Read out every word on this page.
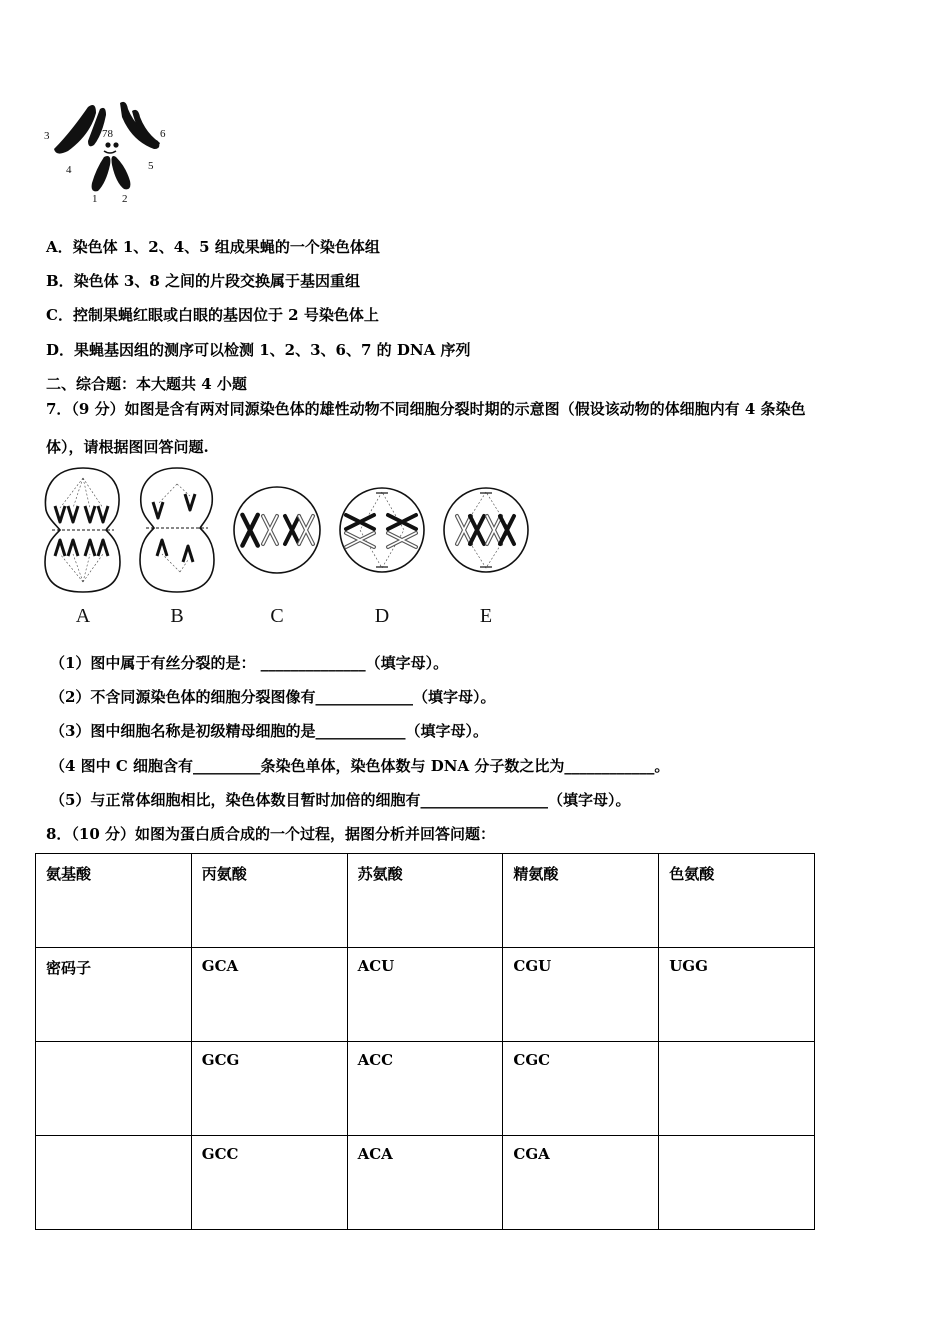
3	78	6
4	5
1 2
A．染色体 1、2、4、5 组成果蝇的一个染色体组
B．染色体 3、8 之间的片段交换属于基因重组
C．控制果蝇红眼或白眼的基因位于 2 号染色体上
D．果蝇基因组的测序可以检测 1、2、3、6、7 的 DNA 序列
二、综合题：本大题共 4 小题
7．（9 分）如图是含有两对同源染色体的雄性动物不同细胞分裂时期的示意图（假设该动物的体细胞内有 4 条染色
体），请根据图回答问题.
A	B	C	D	E
（1）图中属于有丝分裂的是： ______________（填字母）。
（2）不含同源染色体的细胞分裂图像有_____________（填字母）。
（3）图中细胞名称是初级精母细胞的是____________（填字母）。
（4 图中 C 细胞含有_________条染色单体，染色体数与 DNA 分子数之比为____________。
（5）与正常体细胞相比，染色体数目暂时加倍的细胞有_________________（填字母）。
8．（10 分）如图为蛋白质合成的一个过程，据图分析并回答问题：
氨基酸	丙氨酸	苏氨酸	精氨酸	色氨酸
密码子	GCA	ACU	CGU	UGG
	GCG	ACC	CGC	
	GCC	ACA	CGA	
